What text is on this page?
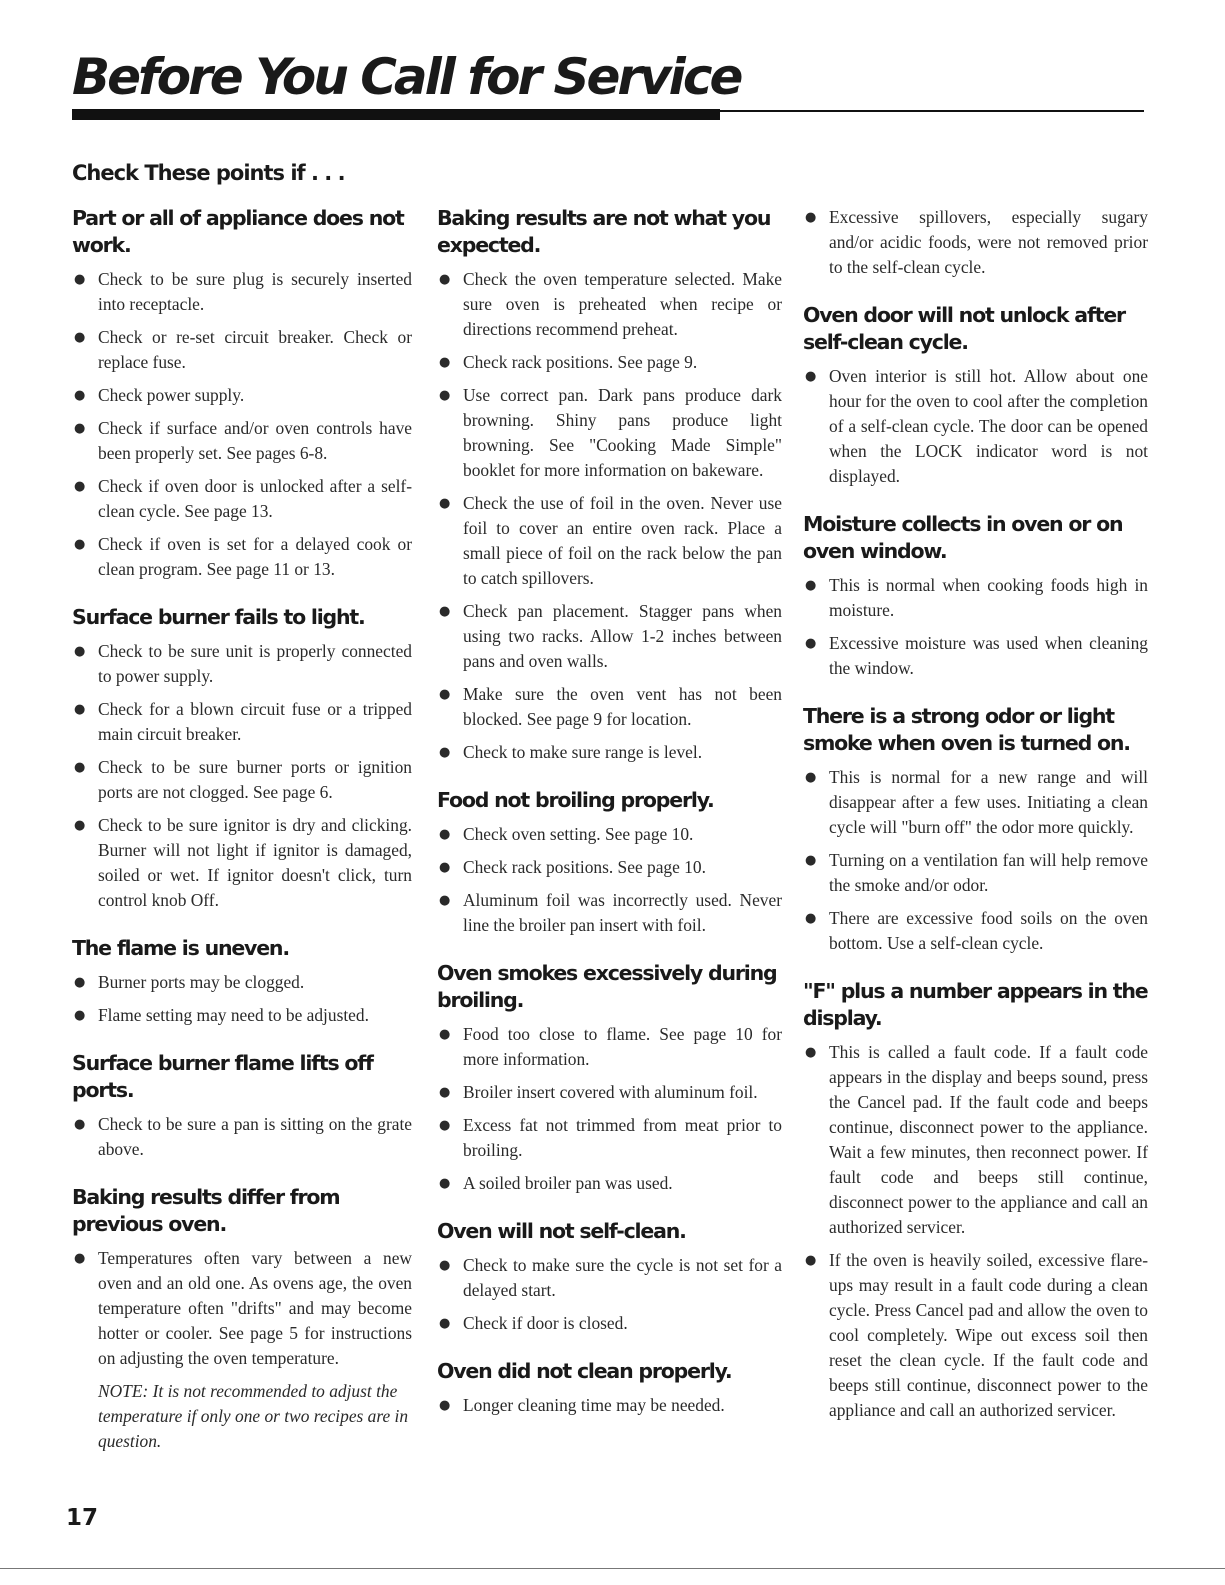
Before You Call for Service
Check These points if . . .
Part or all of appliance does not work.
● Check to be sure plug is securely inserted into receptacle.
● Check or re-set circuit breaker. Check or replace fuse.
● Check power supply.
● Check if surface and/or oven controls have been properly set. See pages 6-8.
● Check if oven door is unlocked after a self-clean cycle. See page 13.
● Check if oven is set for a delayed cook or clean program. See page 11 or 13.
Surface burner fails to light.
● Check to be sure unit is properly connected to power supply.
● Check for a blown circuit fuse or a tripped main circuit breaker.
● Check to be sure burner ports or ignition ports are not clogged. See page 6.
● Check to be sure ignitor is dry and clicking. Burner will not light if ignitor is damaged, soiled or wet. If ignitor doesn't click, turn control knob Off.
The flame is uneven.
● Burner ports may be clogged.
● Flame setting may need to be adjusted.
Surface burner flame lifts off ports.
● Check to be sure a pan is sitting on the grate above.
Baking results differ from previous oven.
● Temperatures often vary between a new oven and an old one. As ovens age, the oven temperature often "drifts" and may become hotter or cooler. See page 5 for instructions on adjusting the oven temperature.
NOTE: It is not recommended to adjust the temperature if only one or two recipes are in question.
Baking results are not what you expected.
● Check the oven temperature selected. Make sure oven is preheated when recipe or directions recommend preheat.
● Check rack positions. See page 9.
● Use correct pan. Dark pans produce dark browning. Shiny pans produce light browning. See "Cooking Made Simple" booklet for more information on bakeware.
● Check the use of foil in the oven. Never use foil to cover an entire oven rack. Place a small piece of foil on the rack below the pan to catch spillovers.
● Check pan placement. Stagger pans when using two racks. Allow 1-2 inches between pans and oven walls.
● Make sure the oven vent has not been blocked. See page 9 for location.
● Check to make sure range is level.
Food not broiling properly.
● Check oven setting. See page 10.
● Check rack positions. See page 10.
● Aluminum foil was incorrectly used. Never line the broiler pan insert with foil.
Oven smokes excessively during broiling.
● Food too close to flame. See page 10 for more information.
● Broiler insert covered with aluminum foil.
● Excess fat not trimmed from meat prior to broiling.
● A soiled broiler pan was used.
Oven will not self-clean.
● Check to make sure the cycle is not set for a delayed start.
● Check if door is closed.
Oven did not clean properly.
● Longer cleaning time may be needed.
● Excessive spillovers, especially sugary and/or acidic foods, were not removed prior to the self-clean cycle.
Oven door will not unlock after self-clean cycle.
● Oven interior is still hot. Allow about one hour for the oven to cool after the completion of a self-clean cycle. The door can be opened when the LOCK indicator word is not displayed.
Moisture collects in oven or on oven window.
● This is normal when cooking foods high in moisture.
● Excessive moisture was used when cleaning the window.
There is a strong odor or light smoke when oven is turned on.
● This is normal for a new range and will disappear after a few uses. Initiating a clean cycle will "burn off" the odor more quickly.
● Turning on a ventilation fan will help remove the smoke and/or odor.
● There are excessive food soils on the oven bottom. Use a self-clean cycle.
"F" plus a number appears in the display.
● This is called a fault code. If a fault code appears in the display and beeps sound, press the Cancel pad. If the fault code and beeps continue, disconnect power to the appliance. Wait a few minutes, then reconnect power. If fault code and beeps still continue, disconnect power to the appliance and call an authorized servicer.
● If the oven is heavily soiled, excessive flare-ups may result in a fault code during a clean cycle. Press Cancel pad and allow the oven to cool completely. Wipe out excess soil then reset the clean cycle. If the fault code and beeps still continue, disconnect power to the appliance and call an authorized servicer.
17
